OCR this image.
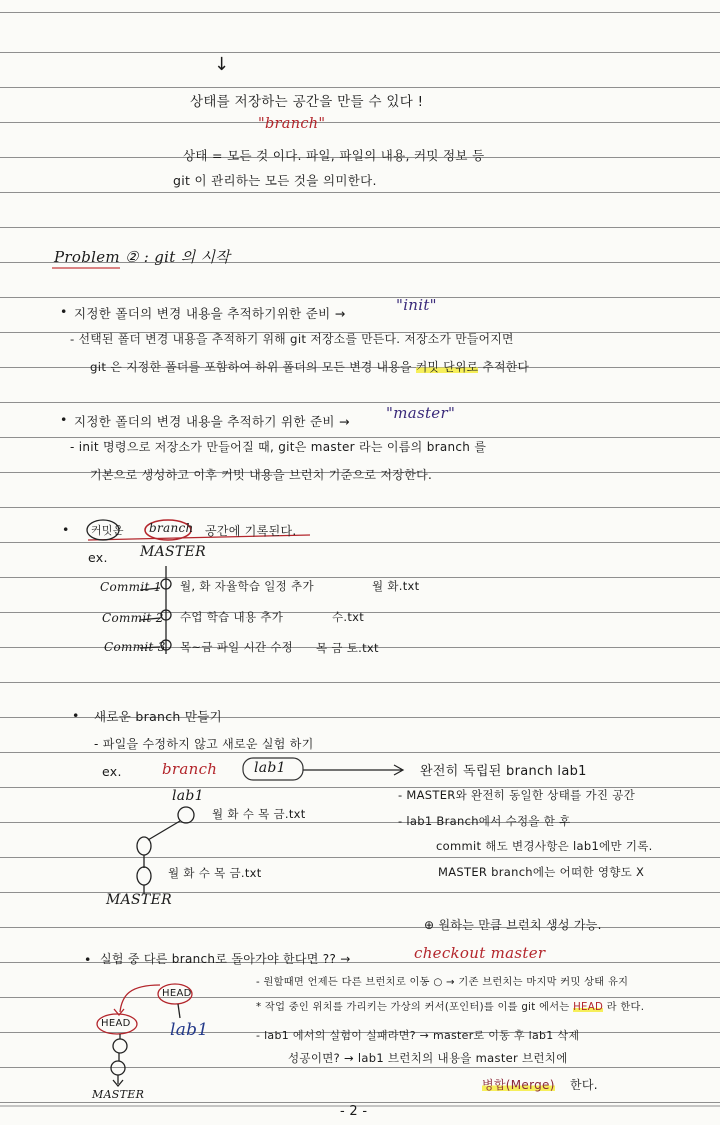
↓
상태를 저장하는 공간을 만들 수 있다 !
"branch"
상태 = 모든 것 이다. 파일, 파일의 내용, 커밋 정보 등
git 이 관리하는 모든 것을 의미한다.
Problem ② : git 의 시작
• 지정한 폴더의 변경 내용을 추적하기위한 준비 →	"init"
- 선택된 폴더 변경 내용을 추적하기 위해 git 저장소를 만든다. 저장소가 만들어지면
git 은 지정한 폴더를 포함하여 하위 폴더의 모든 변경 내용을 커밋 단위로 추적한다
• 지정한 폴더의 변경 내용을 추적하기 위한 준비 → "master"
- init 명령으로 저장소가 만들어질 때, git은 master 라는 이름의 branch 를
기본으로 생성하고 이후 커밋 내용을 브런치 기준으로 저장한다.
• 커밋은 branch 공간에 기록된다.
ex. MASTER
Commit 1 월, 화 자율학습 일정 추가	월 화.txt
Commit 2 수업 학습 내용 추가	수.txt
Commit 3 목~금 파일 시간 수정 목 금 토.txt
• 새로운 branch 만들기
- 파일을 수정하지 않고 새로운 실험 하기
ex.	branch	lab1	완전히 독립된 branch lab1
lab1
월 화 수 목 금.txt
월 화 수 목 금.txt
MASTER
- MASTER와 완전히 동일한 상태를 가진 공간
- lab1 Branch에서 수정을 한 후
commit 해도 변경사항은 lab1에만 기록.
MASTER branch에는 어떠한 영향도 X
⊕ 원하는 만큼 브런치 생성 가능.
• 실험 중 다른 branch로 돌아가야 한다면 ?? →	checkout master
- 원할때면 언제든 다른 브런치로 이동 ○ → 기존 브런치는 마지막 커밋 상태 유지
* 작업 중인 위치를 가리키는 가상의 커서(포인터)를 이를 git 에서는 HEAD 라 한다.
- lab1 에서의 실험이 실패라면? → master로 이동 후 lab1 삭제
성공이면? → lab1 브런치의 내용을 master 브런치에
병합(Merge) 한다.
HEAD
HEAD lab1
MASTER
- 2 -
